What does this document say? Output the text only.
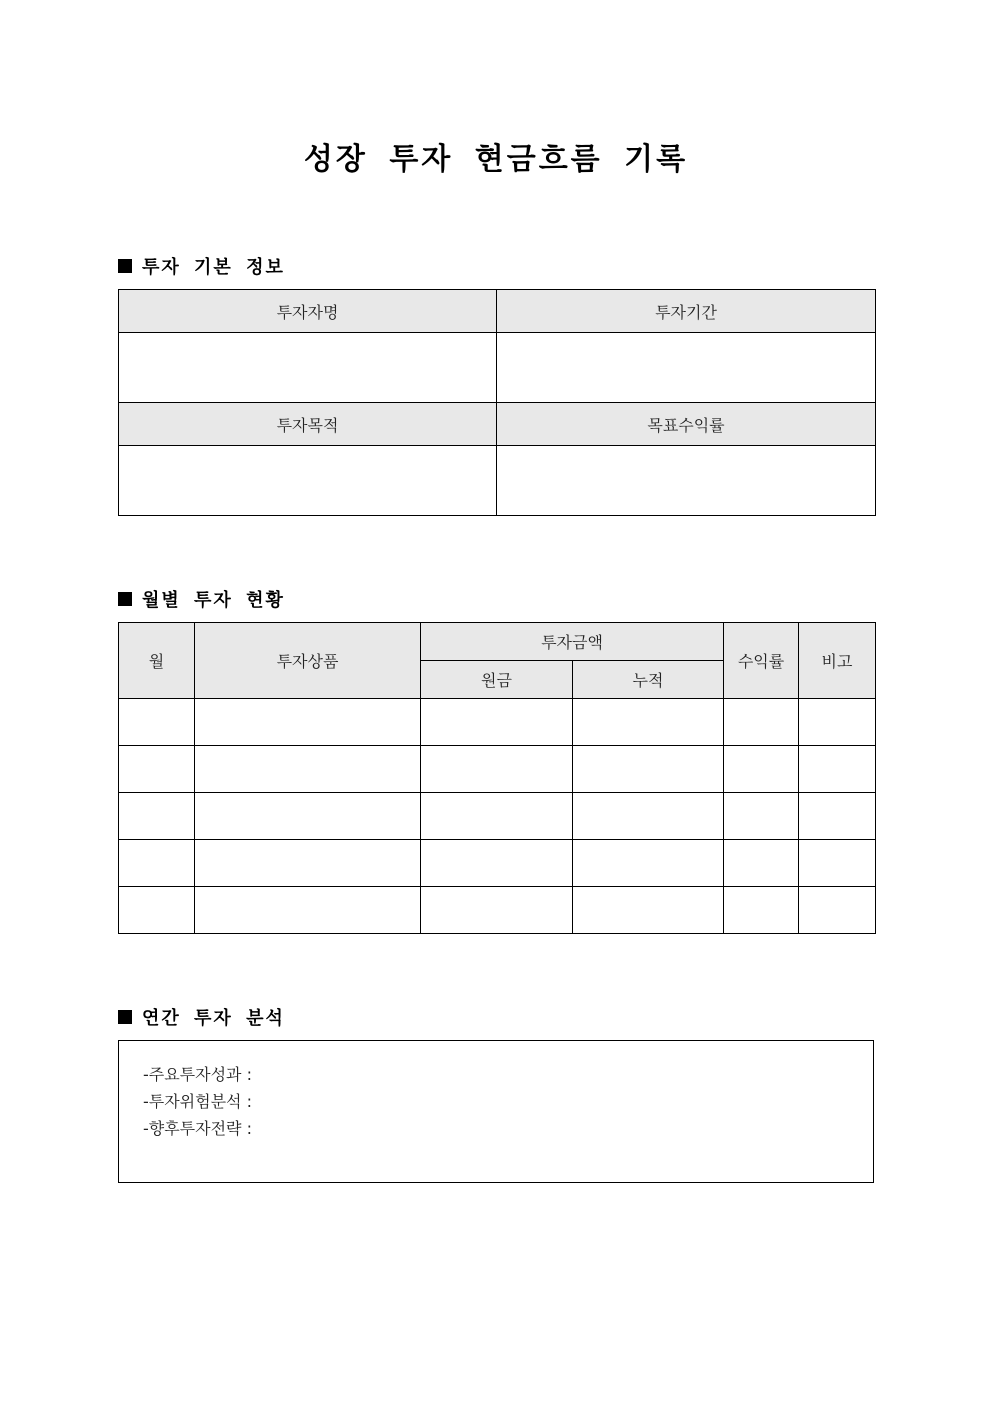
성장 투자 현금흐름 기록
투자 기본 정보
투자자명	투자기간

투자목적	목표수익률

월별 투자 현황
월	투자상품	투자금액		수익률	비고
		원금	누적		

연간 투자 분석
-주요투자성과 :
-투자위험분석 :
-향후투자전략 :
